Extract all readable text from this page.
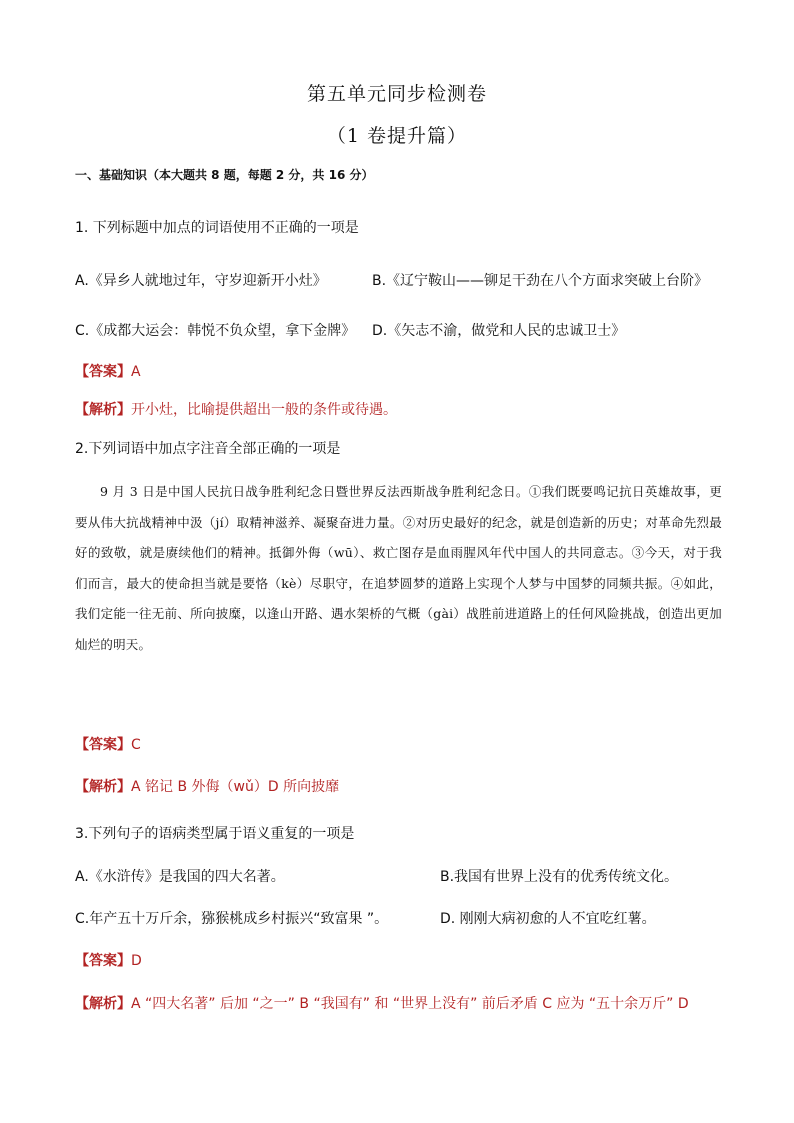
第五单元同步检测卷
（1 卷提升篇）
一、基础知识（本大题共 8 题，每题 2 分，共 16 分）
1. 下列标题中加点的词语使用不正确的一项是
A.《异乡人就地过年，守岁迎新开小灶》	B.《辽宁鞍山——铆足干劲在八个方面求突破上台阶》
C.《成都大运会：韩悦不负众望，拿下金牌》 D.《矢志不渝，做党和人民的忠诚卫士》
【答案】A
【解析】开小灶，比喻提供超出一般的条件或待遇。
2.下列词语中加点字注音全部正确的一项是
9 月 3 日是中国人民抗日战争胜利纪念日暨世界反法西斯战争胜利纪念日。①我们既要鸣记抗日英雄故事，更要从伟大抗战精神中汲（jí）取精神滋养、凝聚奋进力量。②对历史最好的纪念，就是创造新的历史；对革命先烈最好的致敬，就是赓续他们的精神。抵御外侮（wū）、救亡图存是血雨腥风年代中国人的共同意志。③今天，对于我们而言，最大的使命担当就是要恪（kè）尽职守，在追梦圆梦的道路上实现个人梦与中国梦的同频共振。④如此，我们定能一往无前、所向披糜，以逢山开路、遇水架桥的气概（gài）战胜前进道路上的任何风险挑战，创造出更加灿烂的明天。
【答案】C
【解析】A 铭记 B 外侮（wǔ）D 所向披靡
3.下列句子的语病类型属于语义重复的一项是
A.《水浒传》是我国的四大名著。	B.我国有世界上没有的优秀传统文化。
C.年产五十万斤余，猕猴桃成乡村振兴“致富果 ”。	D. 刚刚大病初愈的人不宜吃红薯。
【答案】D
【解析】A “四大名著” 后加 “之一” B “我国有” 和 “世界上没有” 前后矛盾 C 应为 “五十余万斤” D
